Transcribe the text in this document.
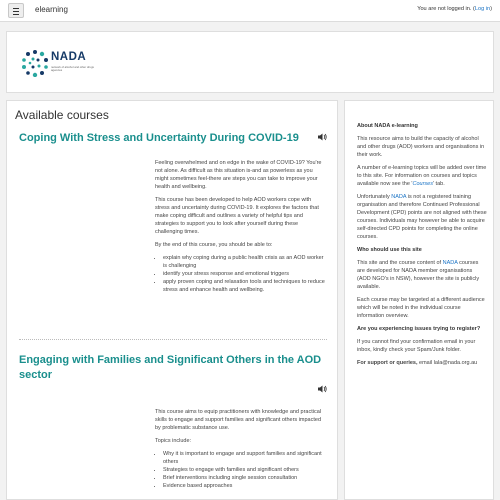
elearning	You are not logged in. (Log in)
NADA
network of alcohol and other drugs agencies
Available courses
Coping With Stress and Uncertainty During COVID-19

Feeling overwhelmed and on edge in the wake of COVID-19? You're not alone. As difficult as this situation is-and as powerless as you might sometimes feel-there are steps you can take to improve your health and wellbeing.

This course has been developed to help AOD workers cope with stress and uncertainty during COVID-19. It explores the factors that make coping difficult and outlines a variety of helpful tips and strategies to support you to look after yourself during these challenging times.

By the end of this course, you should be able to:

• explain why coping during a public health crisis as an AOD worker is challenging
• identify your stress response and emotional triggers
• apply proven coping and relaxation tools and techniques to reduce stress and enhance health and wellbeing.
Engaging with Families and Significant Others in the AOD sector

This course aims to equip practitioners with knowledge and practical skills to engage and support families and significant others impacted by problematic substance use.

Topics include:

• Why it is important to engage and support families and significant others
• Strategies to engage with families and significant others
• Brief interventions including single session consultation
• Evidence based approaches

About NADA e-learning

This resource aims to build the capacity of alcohol and other drugs (AOD) workers and organisations in their work.

A number of e-learning topics will be added over time to this site. For information on courses and topics available now see the 'Courses' tab.

Unfortunately NADA is not a registered training organisation and therefore Continued Professional Development (CPD) points are not aligned with these courses. Individuals may however be able to acquire self-directed CPD points for completing the online courses.

Who should use this site

This site and the course content of NADA courses are developed for NADA member organisations (AOD NGO's in NSW), however the site is publicly available.

Each course may be targeted at a different audience which will be noted in the individual course information overview.

Are you experiencing issues trying to register?

If you cannot find your confirmation email in your inbox, kindly check your Spam/Junk folder.

For support or queries, email lala@nada.org.au
